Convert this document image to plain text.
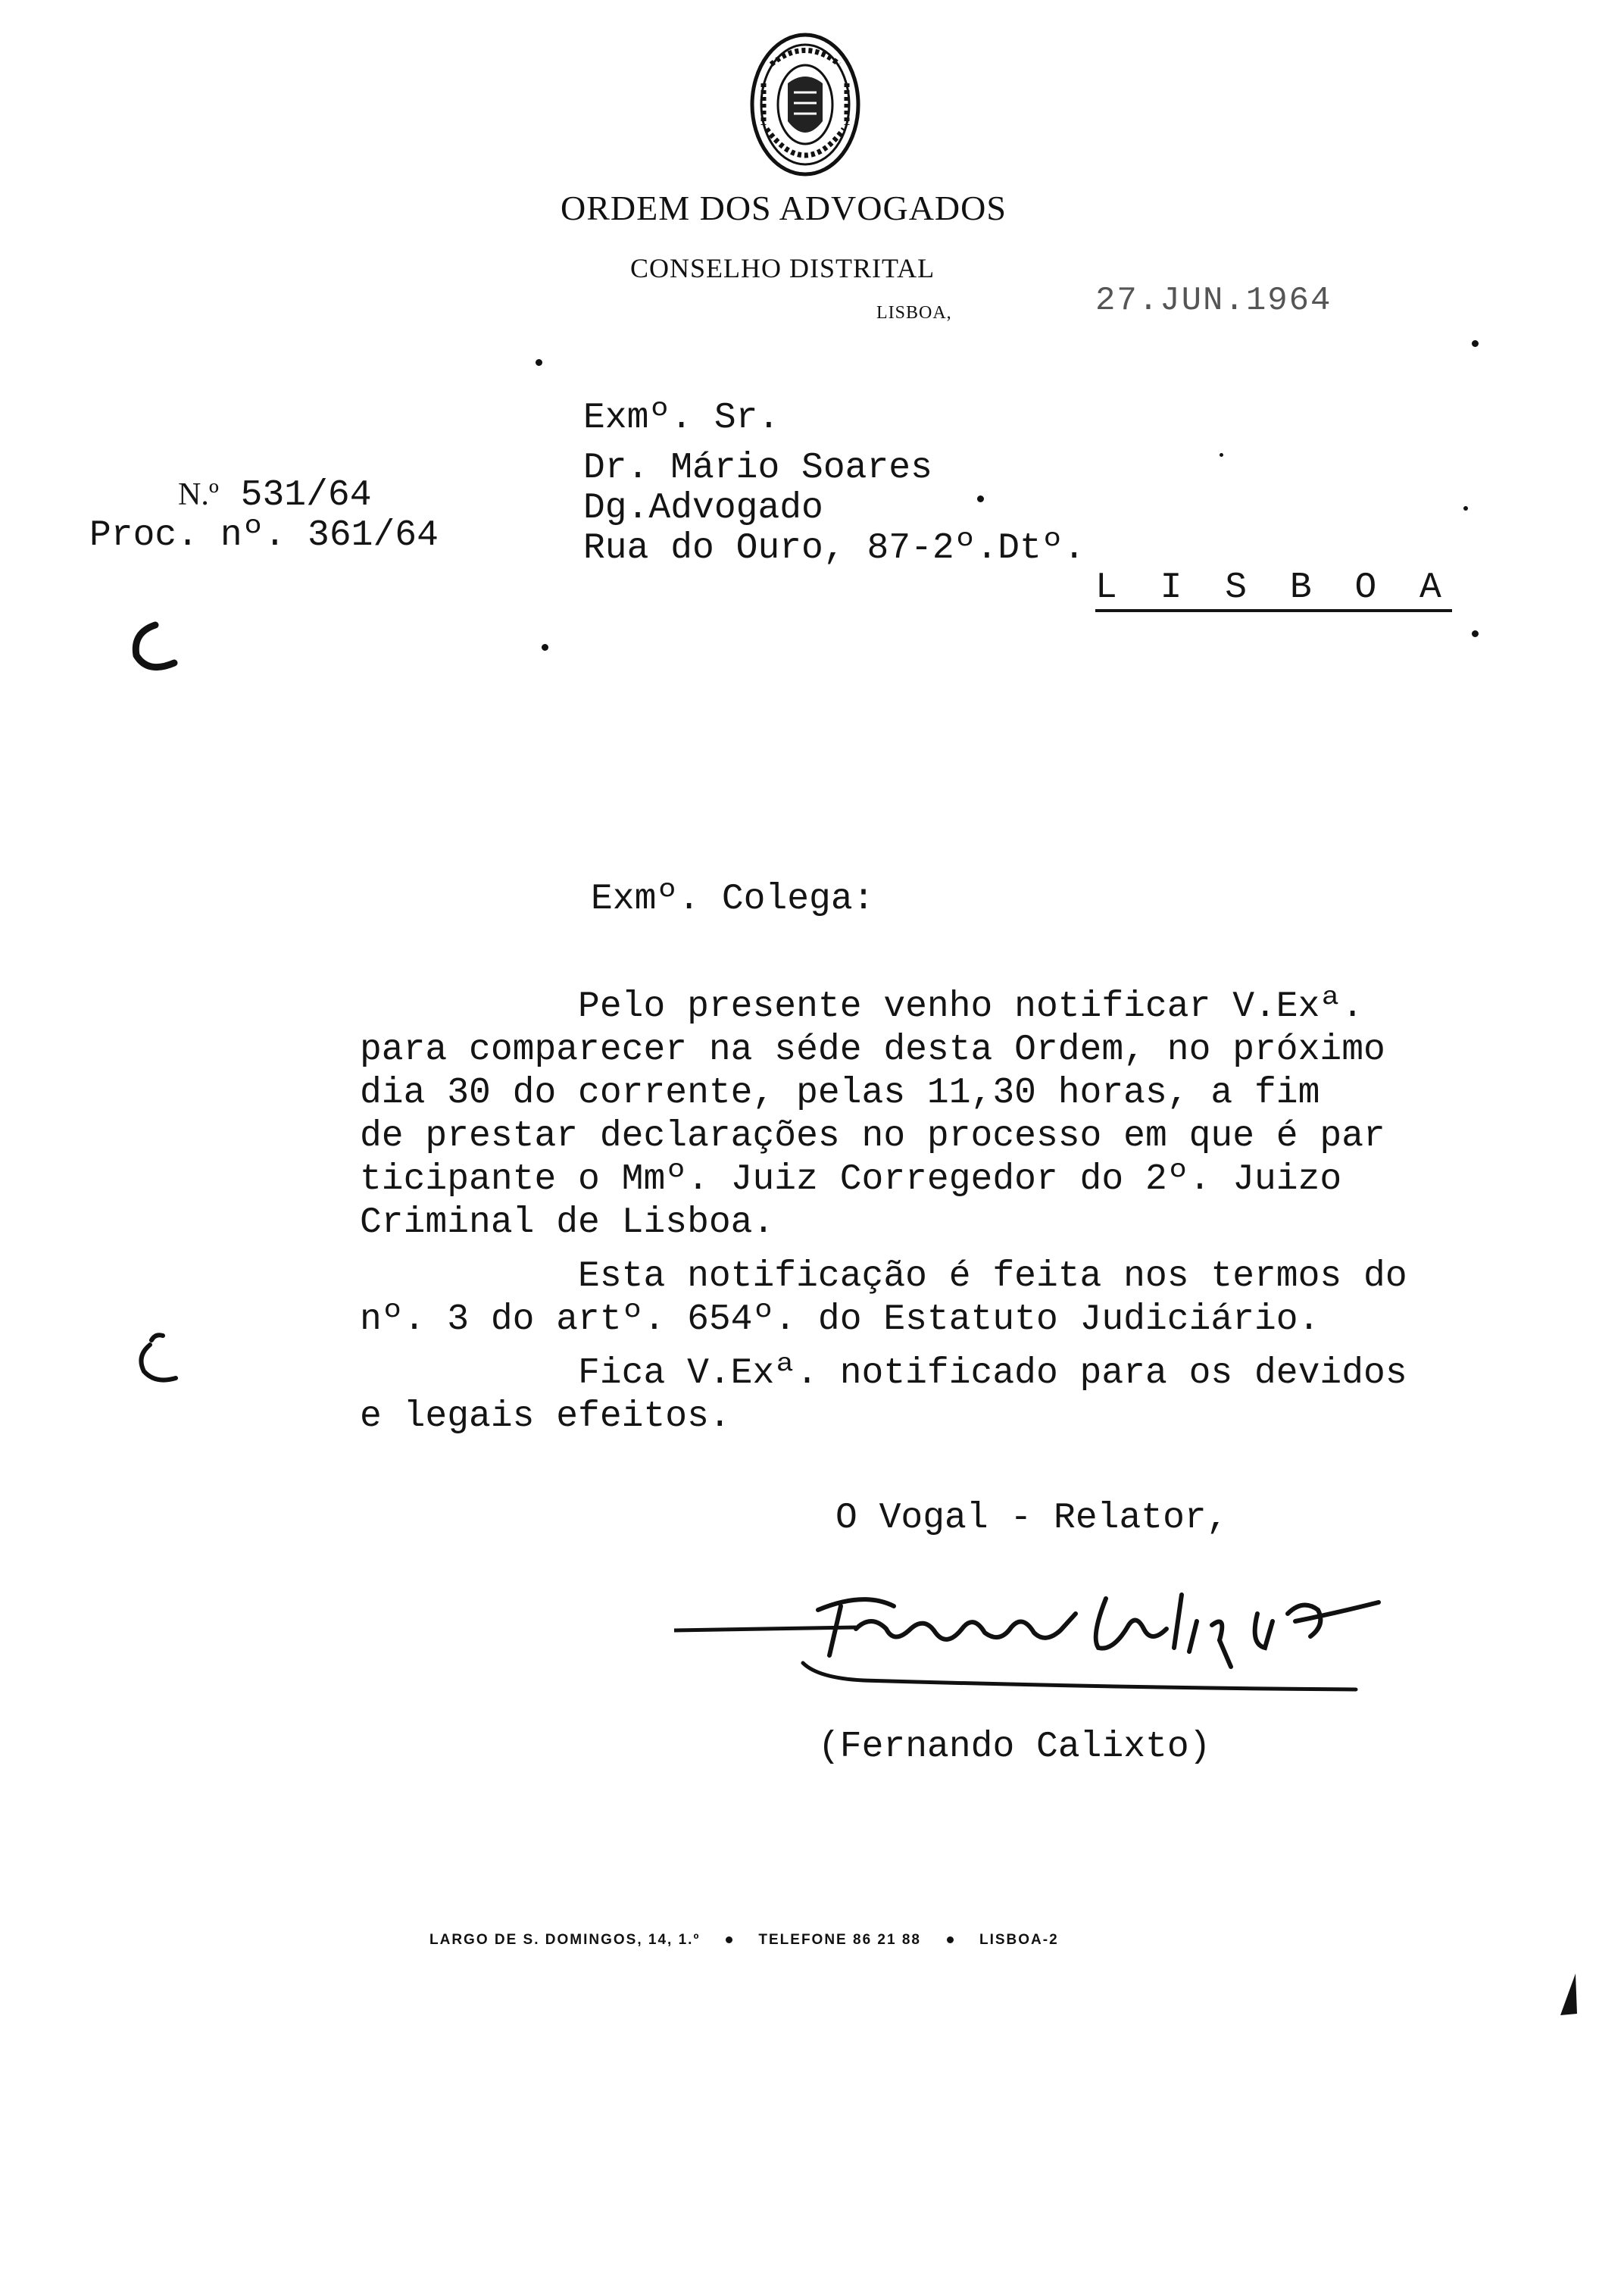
ORDEM DOS ADVOGADOS
CONSELHO DISTRITAL
LISBOA,	27.JUN.1964
Exmº. Sr.
Dr. Mário Soares
Dg.Advogado
Rua do Ouro, 87-2º.Dtº.
L I S B O A
N.º 531/64
Proc. nº. 361/64
Exmº. Colega:
Pelo presente venho notificar V.Exª.
para comparecer na séde desta Ordem, no próximo
dia 30 do corrente, pelas 11,30 horas, a fim
de prestar declarações no processo em que é par
ticipante o Mmº. Juiz Corregedor do 2º. Juizo
Criminal de Lisboa.
Esta notificação é feita nos termos do
nº. 3 do artº. 654º. do Estatuto Judiciário.
Fica V.Exª. notificado para os devidos
e legais efeitos.
O Vogal - Relator,
(Fernando Calixto)
LARGO DE S. DOMINGOS, 14, 1.º	TELEFONE 86 21 88	LISBOA-2
